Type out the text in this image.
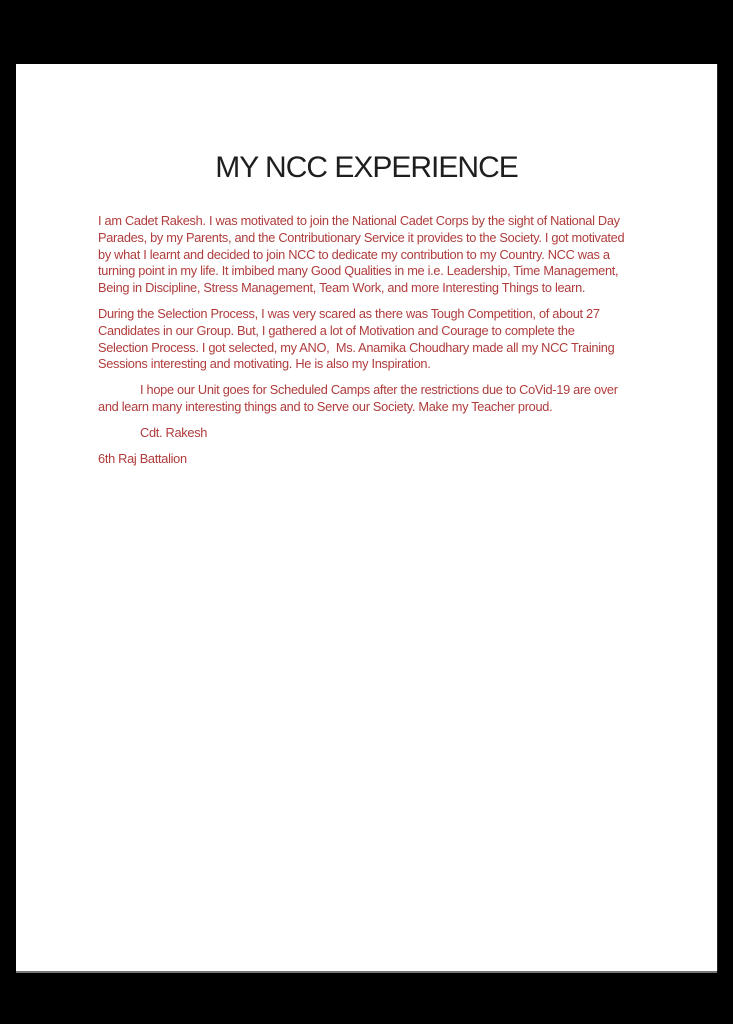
MY NCC EXPERIENCE

I am Cadet Rakesh. I was motivated to join the National Cadet Corps by the sight of National Day Parades, by my Parents, and the Contributionary Service it provides to the Society. I got motivated by what I learnt and decided to join NCC to dedicate my contribution to my Country. NCC was a turning point in my life. It imbibed many Good Qualities in me i.e. Leadership, Time Management, Being in Discipline, Stress Management, Team Work, and more Interesting Things to learn.

During the Selection Process, I was very scared as there was Tough Competition, of about 27 Candidates in our Group. But, I gathered a lot of Motivation and Courage to complete the Selection Process. I got selected, my ANO,  Ms. Anamika Choudhary made all my NCC Training Sessions interesting and motivating. He is also my Inspiration.

I hope our Unit goes for Scheduled Camps after the restrictions due to CoVid-19 are over and learn many interesting things and to Serve our Society. Make my Teacher proud.

Cdt. Rakesh

6th Raj Battalion
